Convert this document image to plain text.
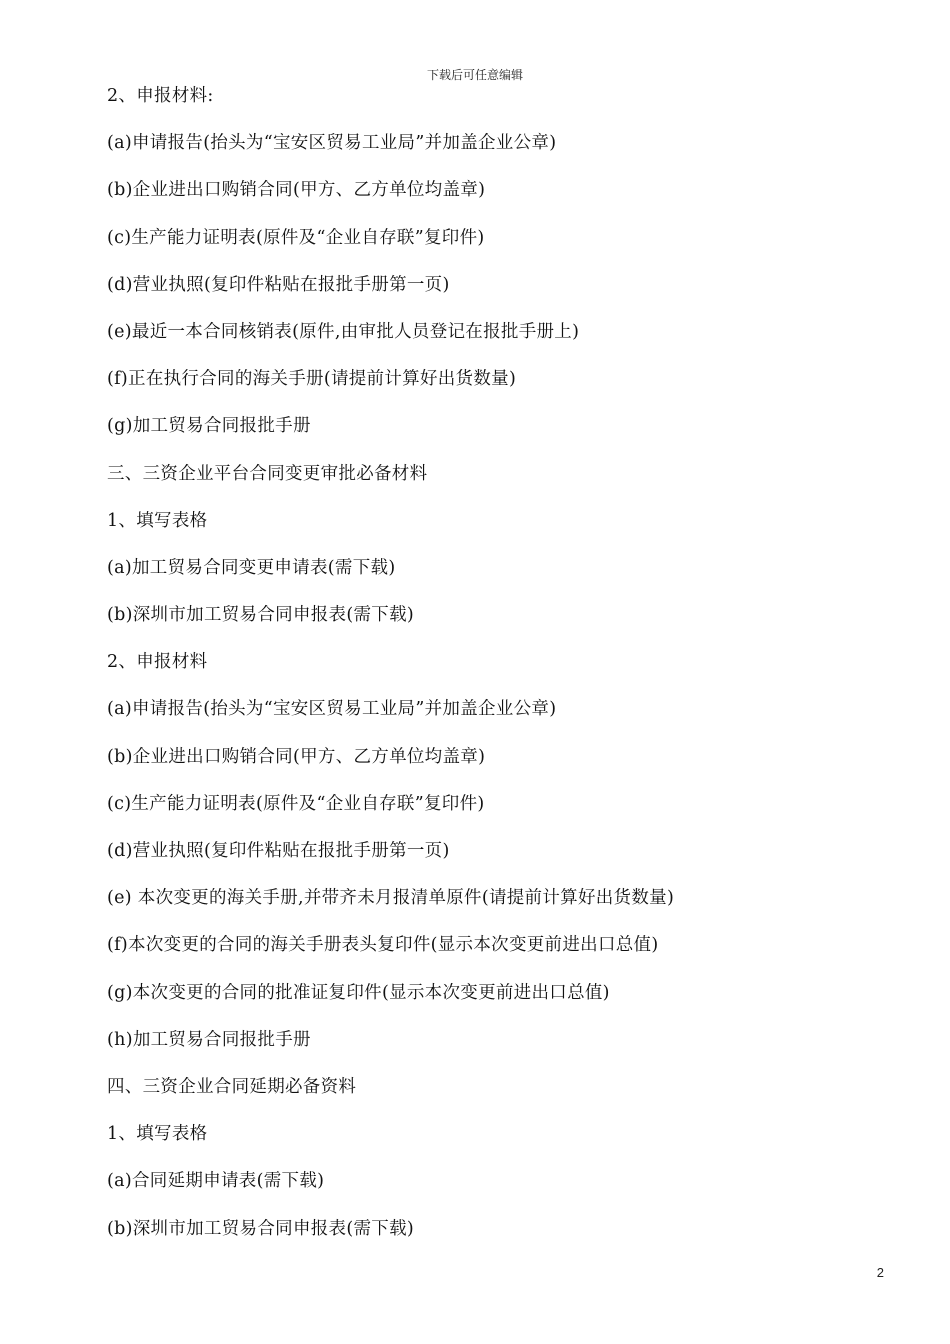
下载后可任意编辑
2、申报材料:
(a)申请报告(抬头为“宝安区贸易工业局”并加盖企业公章)
(b)企业进出口购销合同(甲方、乙方单位均盖章)
(c)生产能力证明表(原件及“企业自存联”复印件)
(d)营业执照(复印件粘贴在报批手册第一页)
(e)最近一本合同核销表(原件,由审批人员登记在报批手册上)
(f)正在执行合同的海关手册(请提前计算好出货数量)
(g)加工贸易合同报批手册
三、三资企业平台合同变更审批必备材料
1、填写表格
(a)加工贸易合同变更申请表(需下载)
(b)深圳市加工贸易合同申报表(需下载)
2、申报材料
(a)申请报告(抬头为“宝安区贸易工业局”并加盖企业公章)
(b)企业进出口购销合同(甲方、乙方单位均盖章)
(c)生产能力证明表(原件及“企业自存联”复印件)
(d)营业执照(复印件粘贴在报批手册第一页)
(e) 本次变更的海关手册,并带齐未月报清单原件(请提前计算好出货数量)
(f)本次变更的合同的海关手册表头复印件(显示本次变更前进出口总值)
(g)本次变更的合同的批准证复印件(显示本次变更前进出口总值)
(h)加工贸易合同报批手册
四、三资企业合同延期必备资料
1、填写表格
(a)合同延期申请表(需下载)
(b)深圳市加工贸易合同申报表(需下载)
2
